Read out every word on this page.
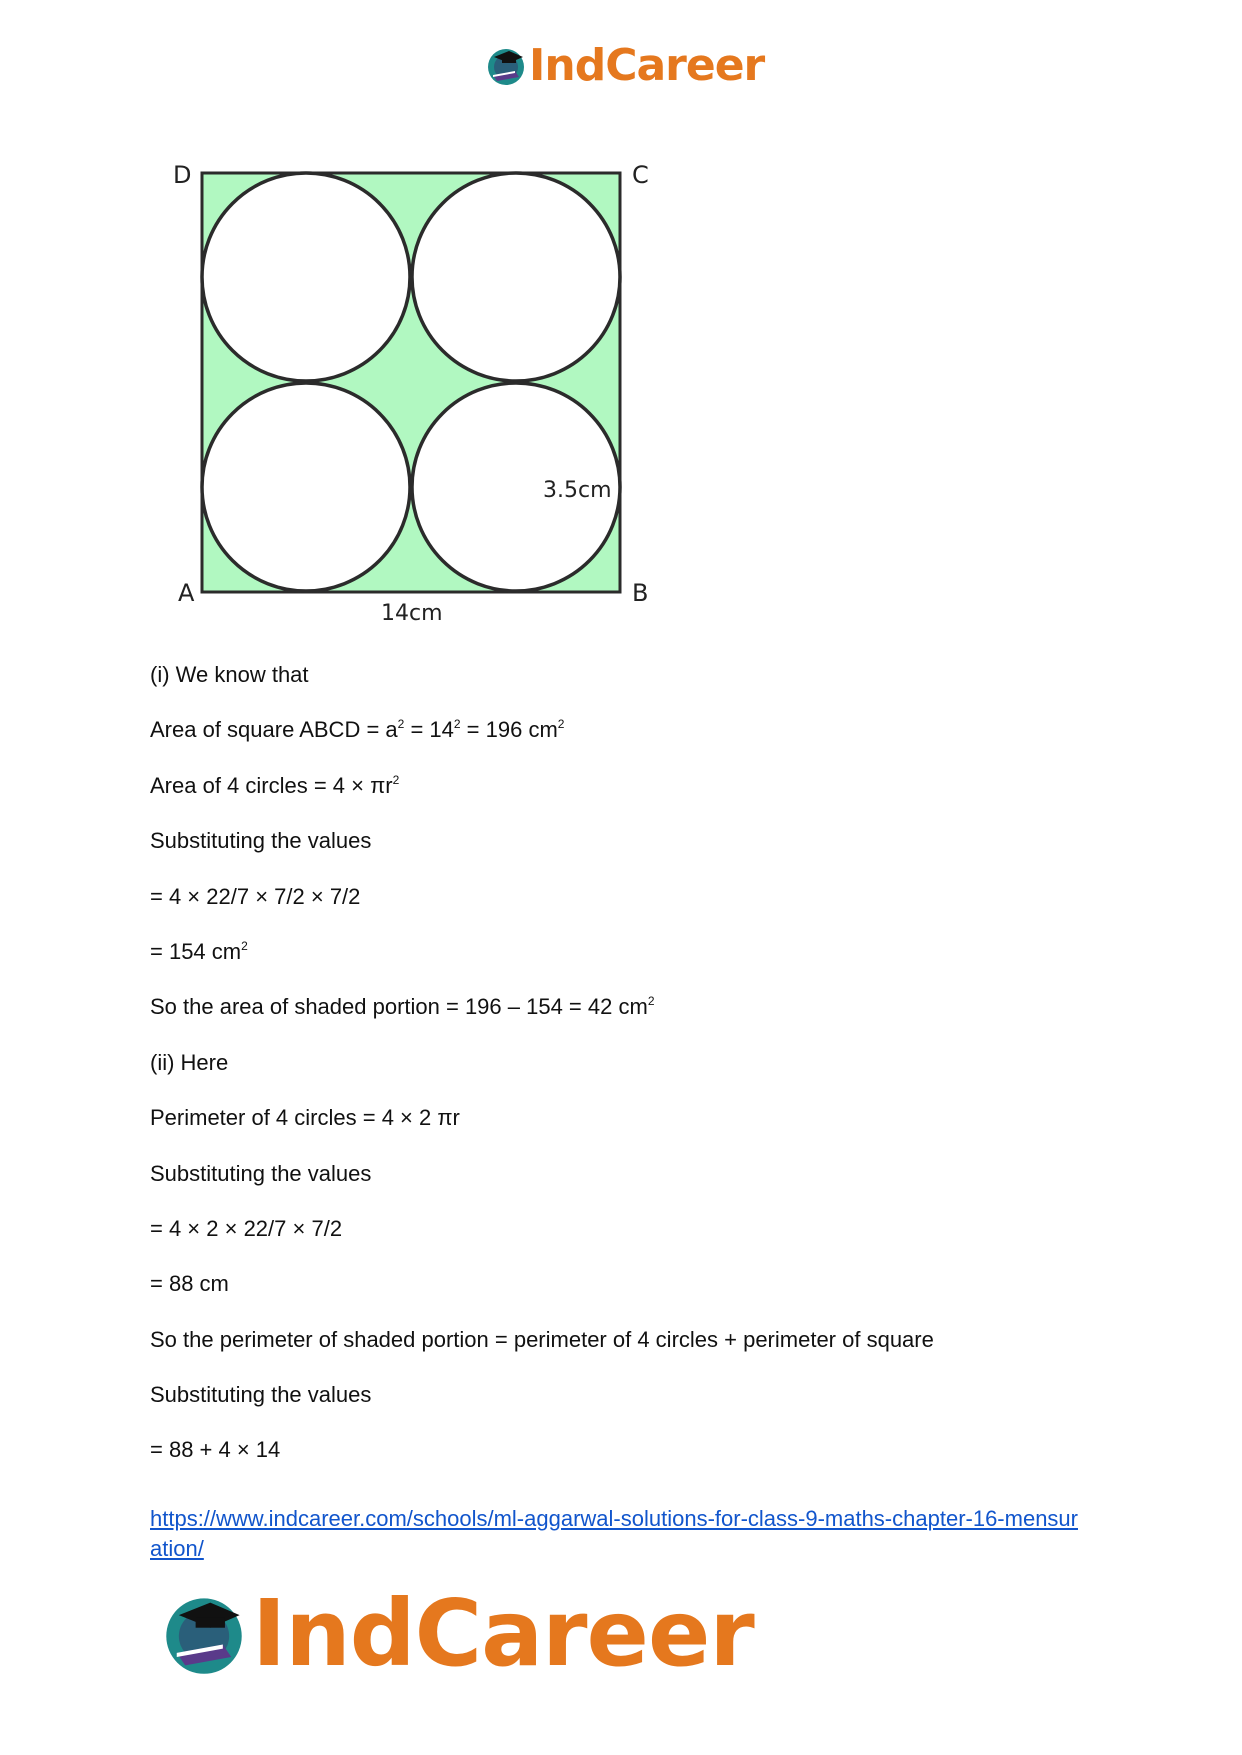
IndCareer
D	C
A	B
14cm
3.5cm
(i) We know that
Area of square ABCD = $a^2 = 14^2 = 196$ $cm^2$
Area of 4 circles = $4 \times \pi r^2$
Substituting the values
= 4 × 22/7 × 7/2 × 7/2
= 154 $cm^2$
So the area of shaded portion = 196 – 154 = 42 $cm^2$
(ii) Here
Perimeter of 4 circles = 4 × 2 πr
Substituting the values
= 4 × 2 × 22/7 × 7/2
= 88 cm
So the perimeter of shaded portion = perimeter of 4 circles + perimeter of square
Substituting the values
= 88 + 4 × 14
https://www.indcareer.com/schools/ml-aggarwal-solutions-for-class-9-maths-chapter-16-mensuration/
IndCareer
